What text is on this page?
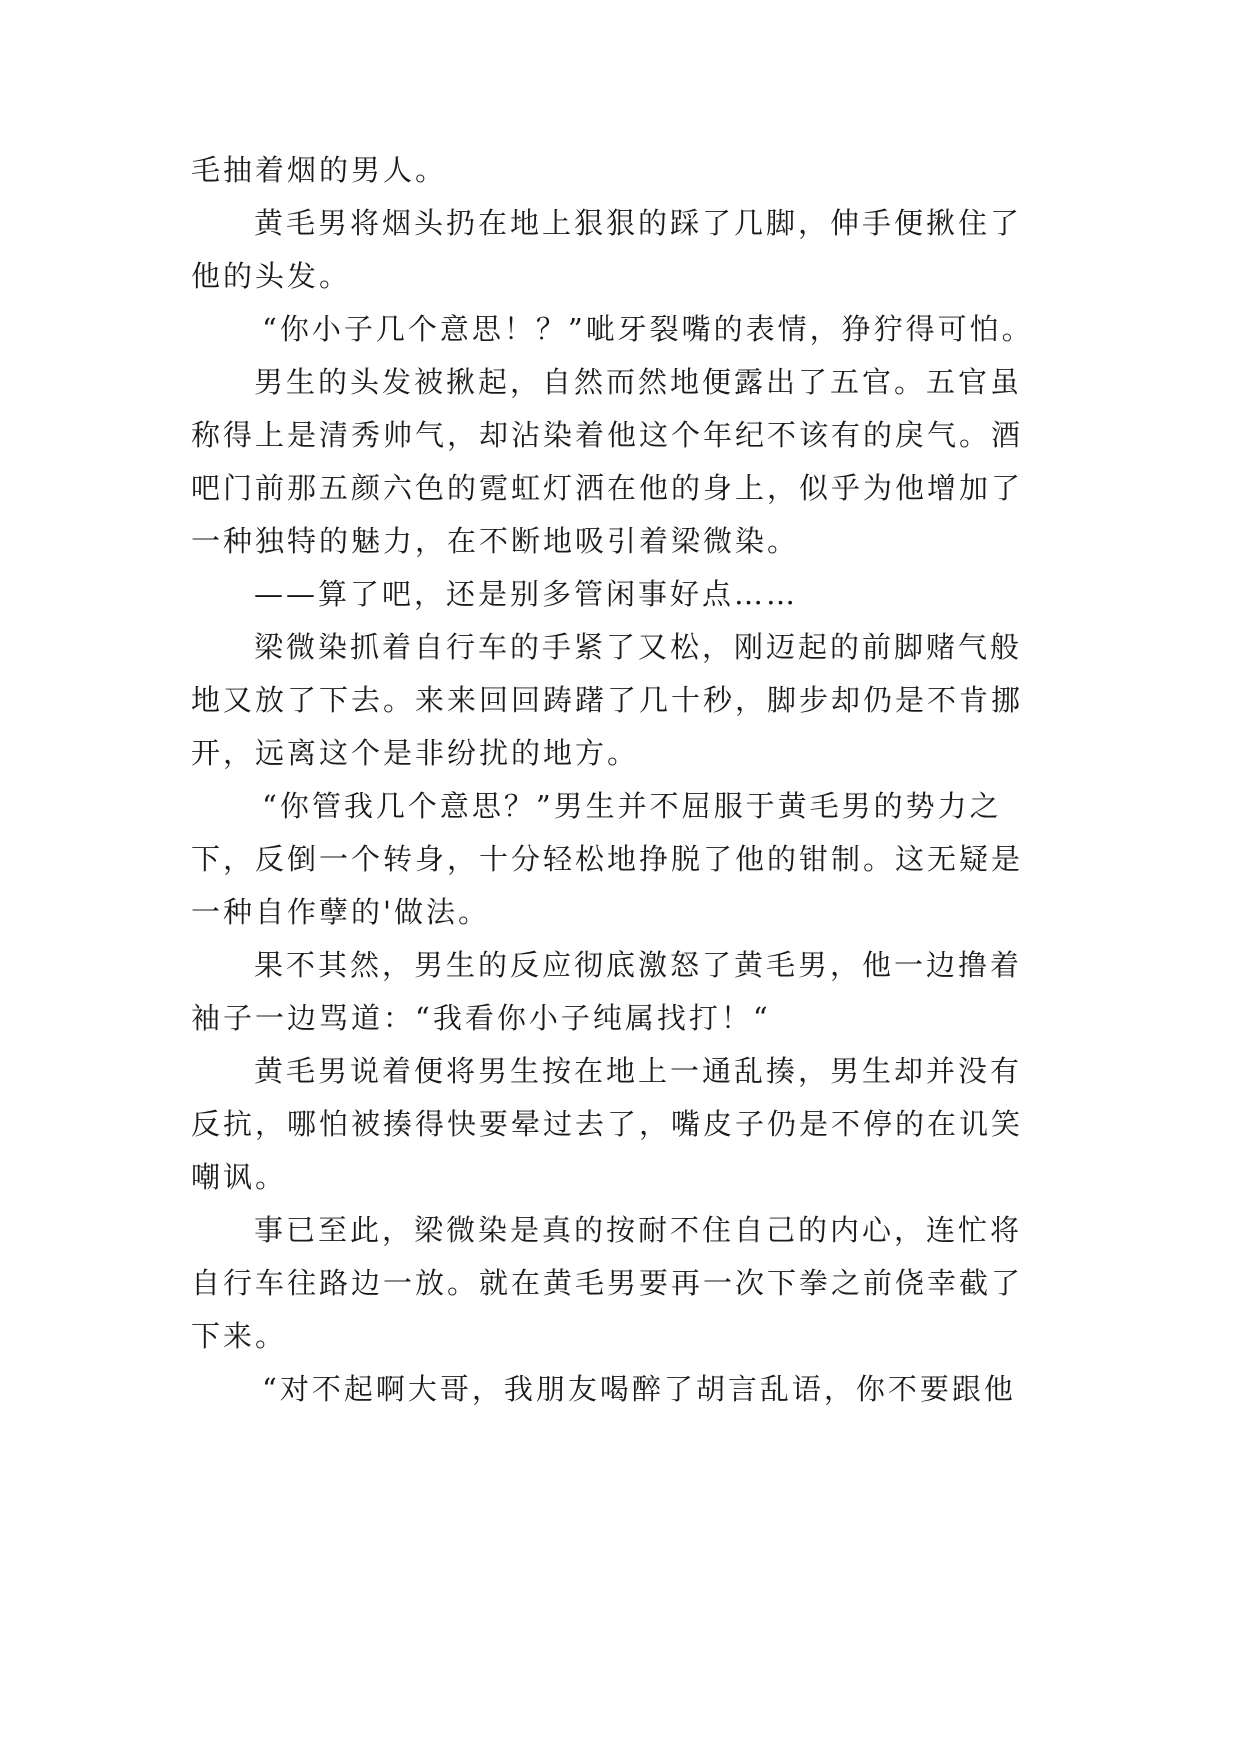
毛抽着烟的男人。
黄毛男将烟头扔在地上狠狠的踩了几脚，伸手便揪住了
他的头发。
“你小子几个意思！？”呲牙裂嘴的表情，狰狞得可怕。
男生的头发被揪起，自然而然地便露出了五官。五官虽
称得上是清秀帅气，却沾染着他这个年纪不该有的戾气。酒
吧门前那五颜六色的霓虹灯洒在他的身上，似乎为他增加了
一种独特的魅力，在不断地吸引着梁微染。
——算了吧，还是别多管闲事好点……
梁微染抓着自行车的手紧了又松，刚迈起的前脚赌气般
地又放了下去。来来回回踌躇了几十秒，脚步却仍是不肯挪
开，远离这个是非纷扰的地方。
“你管我几个意思？”男生并不屈服于黄毛男的势力之
下，反倒一个转身，十分轻松地挣脱了他的钳制。这无疑是
一种自作孽的'做法。
果不其然，男生的反应彻底激怒了黄毛男，他一边撸着
袖子一边骂道：“我看你小子纯属找打！“
黄毛男说着便将男生按在地上一通乱揍，男生却并没有
反抗，哪怕被揍得快要晕过去了，嘴皮子仍是不停的在讥笑
嘲讽。
事已至此，梁微染是真的按耐不住自己的内心，连忙将
自行车往路边一放。就在黄毛男要再一次下拳之前侥幸截了
下来。
“对不起啊大哥，我朋友喝醉了胡言乱语，你不要跟他
